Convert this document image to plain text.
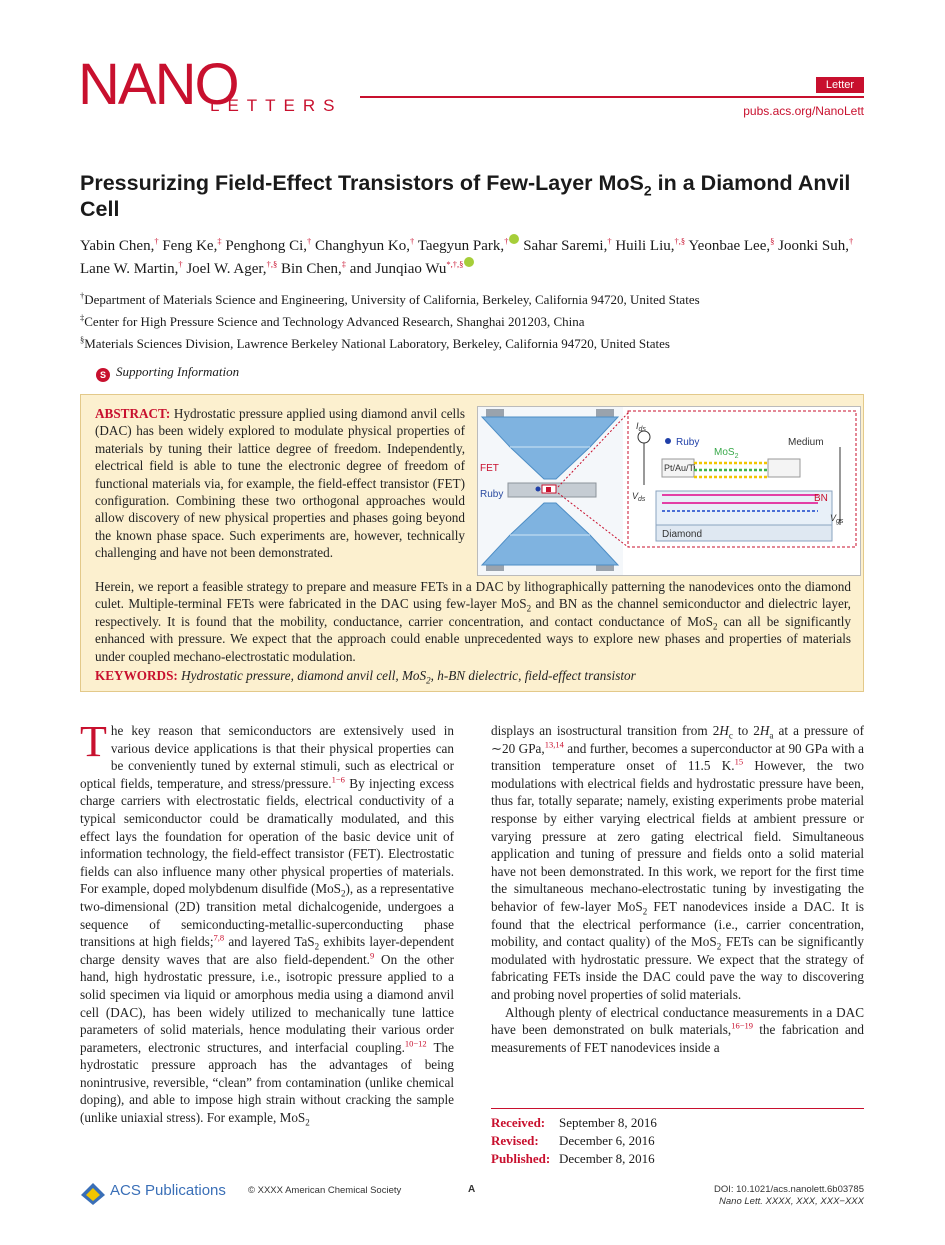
NANO
LETTERS
Letter
pubs.acs.org/NanoLett
Pressurizing Field-Effect Transistors of Few-Layer MoS$_2$ in a Diamond Anvil Cell
Yabin Chen,† Feng Ke,‡ Penghong Ci,† Changhyun Ko,† Taegyun Park,† Sahar Saremi,† Huili Liu,†,§ Yeonbae Lee,§ Joonki Suh,† Lane W. Martin,† Joel W. Ager,†,§ Bin Chen,‡ and Junqiao Wu*,†,§
†Department of Materials Science and Engineering, University of California, Berkeley, California 94720, United States
‡Center for High Pressure Science and Technology Advanced Research, Shanghai 201203, China
§Materials Sciences Division, Lawrence Berkeley National Laboratory, Berkeley, California 94720, United States
S Supporting Information
ABSTRACT: Hydrostatic pressure applied using diamond anvil cells (DAC) has been widely explored to modulate physical properties of materials by tuning their lattice degree of freedom. Independently, electrical field is able to tune the electronic degree of freedom of functional materials via, for example, the field-effect transistor (FET) configuration. Combining these two orthogonal approaches would allow discovery of new physical properties and phases going beyond the known phase space. Such experiments are, however, technically challenging and have not been demonstrated.
Herein, we report a feasible strategy to prepare and measure FETs in a DAC by lithographically patterning the nanodevices onto the diamond culet. Multiple-terminal FETs were fabricated in the DAC using few-layer MoS$_2$ and BN as the channel semiconductor and dielectric layer, respectively. It is found that the mobility, conductance, carrier concentration, and contact conductance of MoS$_2$ can all be significantly enhanced with pressure. We expect that the approach could enable unprecedented ways to explore new phases and properties of materials under coupled mechano-electrostatic modulation.
KEYWORDS: Hydrostatic pressure, diamond anvil cell, MoS$_2$, h-BN dielectric, field-effect transistor
FET
Ruby
Diamond
BN
Pt/Au/Ti
MoS$_2$
Ruby	Medium
$I_{ds}$
$V_{ds}$
$V_{gs}$
T he key reason that semiconductors are extensively used in various device applications is that their physical properties can be conveniently tuned by external stimuli, such as electrical or optical fields, temperature, and stress/pressure.$^{1-6}$ By injecting excess charge carriers with electrostatic fields, electrical conductivity of a typical semiconductor could be dramatically modulated, and this effect lays the foundation for operation of the basic device unit of information technology, the field-effect transistor (FET). Electrostatic fields can also influence many other physical properties of materials. For example, doped molybdenum disulfide (MoS$_2$), as a representative two-dimensional (2D) transition metal dichalcogenide, undergoes a sequence of semiconducting-metallic-superconducting phase transitions at high fields;$^{7,8}$ and layered TaS$_2$ exhibits layer-dependent charge density waves that are also field-dependent.$^9$ On the other hand, high hydrostatic pressure, i.e., isotropic pressure applied to a solid specimen via liquid or amorphous media using a diamond anvil cell (DAC), has been widely utilized to mechanically tune lattice parameters of solid materials, hence modulating their various order parameters, electronic structures, and interfacial coupling.$^{10-12}$ The hydrostatic pressure approach has the advantages of being nonintrusive, reversible, “clean” from contamination (unlike chemical doping), and able to impose high strain without cracking the sample (unlike uniaxial stress). For example, MoS$_2$
displays an isostructural transition from $2H_c$ to $2H_a$ at a pressure of ∼20 GPa,$^{13,14}$ and further, becomes a superconductor at 90 GPa with a transition temperature onset of 11.5 K.$^{15}$ However, the two modulations with electrical fields and hydrostatic pressure have been, thus far, totally separate; namely, existing experiments probe material response by either varying electrical fields at ambient pressure or varying pressure at zero gating electrical field. Simultaneous application and tuning of pressure and fields onto a solid material have not been demonstrated. In this work, we report for the first time the simultaneous mechano-electrostatic tuning by investigating the behavior of few-layer MoS$_2$ FET nanodevices inside a DAC. It is found that the electrical performance (i.e., carrier concentration, mobility, and contact quality) of the MoS$_2$ FETs can be significantly modulated with hydrostatic pressure. We expect that the strategy of fabricating FETs inside the DAC could pave the way to discovering and probing novel properties of solid materials.
Although plenty of electrical conductance measurements in a DAC have been demonstrated on bulk materials,$^{16-19}$ the fabrication and measurements of FET nanodevices inside a
Received: September 8, 2016
Revised: December 6, 2016
Published: December 8, 2016
ACS Publications © XXXX American Chemical Society	A	DOI: 10.1021/acs.nanolett.6b03785
Nano Lett. XXXX, XXX, XXX−XXX
